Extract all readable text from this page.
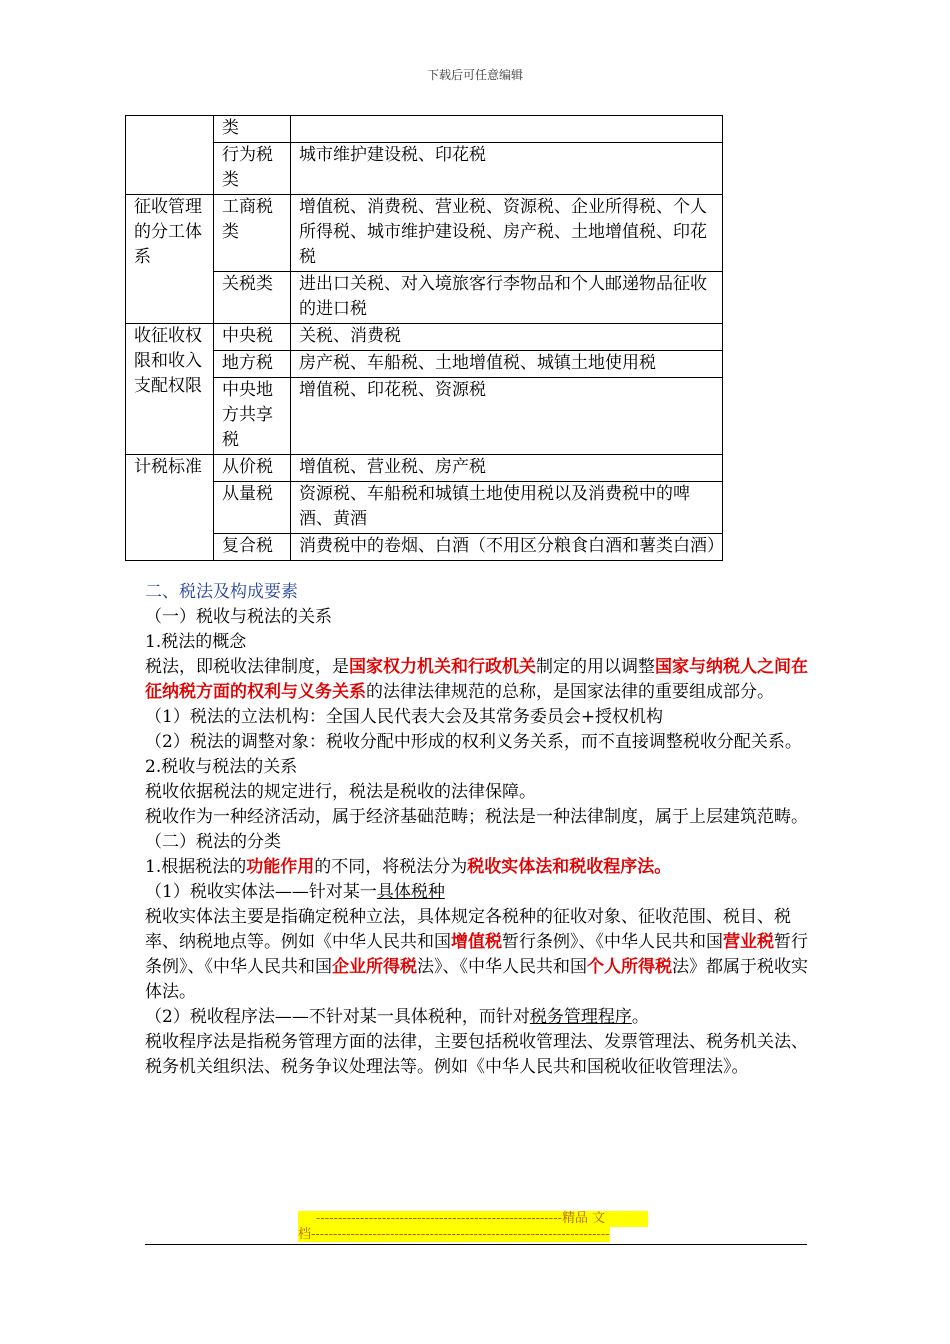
下载后可任意编辑
	类	
	行为税类	城市维护建设税、印花税
征收管理的分工体系	工商税类	增值税、消费税、营业税、资源税、企业所得税、个人所得税、城市维护建设税、房产税、土地增值税、印花税
	关税类	进出口关税、对入境旅客行李物品和个人邮递物品征收的进口税
收征收权限和收入支配权限	中央税	关税、消费税
	地方税	房产税、车船税、土地增值税、城镇土地使用税
	中央地方共享税	增值税、印花税、资源税
计税标准	从价税	增值税、营业税、房产税
	从量税	资源税、车船税和城镇土地使用税以及消费税中的啤酒、黄酒
	复合税	消费税中的卷烟、白酒（不用区分粮食白酒和薯类白酒）

二、税法及构成要素

（一）税收与税法的关系

1.税法的概念

税法，即税收法律制度，是国家权力机关和行政机关制定的用以调整国家与纳税人之间在征纳税方面的权利与义务关系的法律法律规范的总称，是国家法律的重要组成部分。

（1）税法的立法机构：全国人民代表大会及其常务委员会+授权机构

（2）税法的调整对象：税收分配中形成的权利义务关系，而不直接调整税收分配关系。

2.税收与税法的关系

税收依据税法的规定进行，税法是税收的法律保障。

税收作为一种经济活动，属于经济基础范畴；税法是一种法律制度，属于上层建筑范畴。

（二）税法的分类

1.根据税法的功能作用的不同，将税法分为税收实体法和税收程序法。

（1）税收实体法——针对某一具体税种

税收实体法主要是指确定税种立法，具体规定各税种的征收对象、征收范围、税目、税率、纳税地点等。例如《中华人民共和国增值税暂行条例》、《中华人民共和国营业税暂行条例》、《中华人民共和国企业所得税法》、《中华人民共和国个人所得税法》都属于税收实体法。

（2）税收程序法——不针对某一具体税种，而针对税务管理程序。

税收程序法是指税务管理方面的法律，主要包括税收管理法、发票管理法、税务机关法、税务机关组织法、税务争议处理法等。例如《中华人民共和国税收征收管理法》。

--------------------------------------------------------精品 文
档--------------------------------------------------------------------
